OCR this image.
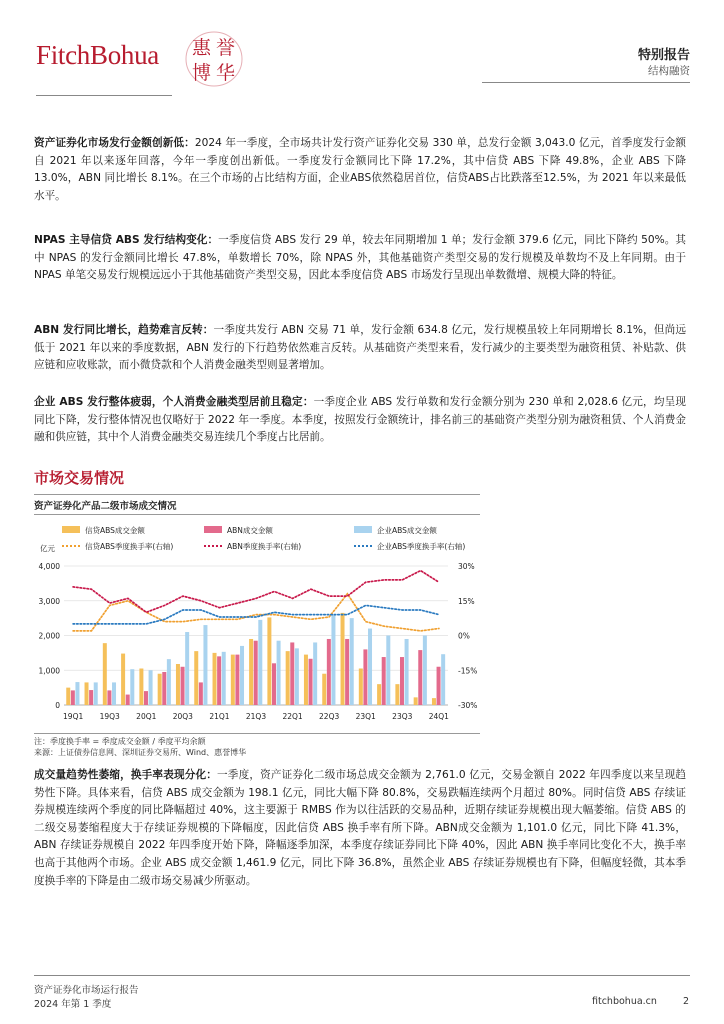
FitchBohua 惠 誉
博 华
特别报告
结构融资

资产证券化市场发行金额创新低：2024 年一季度，全市场共计发行资产证券化交易 330 单，总发行金额 3,043.0 亿元，首季度发行金额自 2021 年以来逐年回落，今年一季度创出新低。一季度发行金额同比下降 17.2%，其中信贷 ABS 下降 49.8%，企业 ABS 下降 13.0%，ABN 同比增长 8.1%。在三个市场的占比结构方面，企业ABS依然稳居首位，信贷ABS占比跌落至12.5%，为 2021 年以来最低水平。

NPAS 主导信贷 ABS 发行结构变化：一季度信贷 ABS 发行 29 单，较去年同期增加 1 单；发行金额 379.6 亿元，同比下降约 50%。其中 NPAS 的发行金额同比增长 47.8%，单数增长 70%，除 NPAS 外，其他基础资产类型交易的发行规模及单数均不及上年同期。由于 NPAS 单笔交易发行规模远远小于其他基础资产类型交易，因此本季度信贷 ABS 市场发行呈现出单数微增、规模大降的特征。

ABN 发行同比增长，趋势难言反转：一季度共发行 ABN 交易 71 单，发行金额 634.8 亿元，发行规模虽较上年同期增长 8.1%，但尚远低于 2021 年以来的季度数据，ABN 发行的下行趋势依然难言反转。从基础资产类型来看，发行减少的主要类型为融资租赁、补贴款、供应链和应收账款，而小微贷款和个人消费金融类型则显著增加。

企业 ABS 发行整体疲弱，个人消费金融类型居前且稳定：一季度企业 ABS 发行单数和发行金额分别为 230 单和 2,028.6 亿元，均呈现同比下降，发行整体情况也仅略好于 2022 年一季度。本季度，按照发行金额统计，排名前三的基础资产类型分别为融资租赁、个人消费金融和供应链，其中个人消费金融类交易连续几个季度占比居前。

市场交易情况
资产证券化产品二级市场成交情况
信贷ABS成交金额	ABN成交金额	企业ABS成交金额
信贷ABS季度换手率(右轴)	ABN季度换手率(右轴)	企业ABS季度换手率(右轴)
亿元
0
1,000
2,000
3,000
4,000
-30%
-15%
0%
15%
30%
19Q1 19Q3 20Q1 20Q3 21Q1 21Q3 22Q1 22Q3 23Q1 23Q3 24Q1
注：季度换手率 = 季度成交金额 / 季度平均余额
来源：上证债券信息网、深圳证券交易所、Wind、惠誉博华

成交量趋势性萎缩，换手率表现分化：一季度，资产证券化二级市场总成交金额为 2,761.0 亿元，交易金额自 2022 年四季度以来呈现趋势性下降。具体来看，信贷 ABS 成交金额为 198.1 亿元，同比大幅下降 80.8%，交易跌幅连续两个月超过 80%。同时信贷 ABS 存续证券规模连续两个季度的同比降幅超过 40%，这主要源于 RMBS 作为以往活跃的交易品种，近期存续证券规模出现大幅萎缩。信贷 ABS 的二级交易萎缩程度大于存续证券规模的下降幅度，因此信贷 ABS 换手率有所下降。ABN成交金额为 1,101.0 亿元，同比下降 41.3%，ABN 存续证券规模自 2022 年四季度开始下降，降幅逐季加深，本季度存续证券同比下降 40%，因此 ABN 换手率同比变化不大，换手率也高于其他两个市场。企业 ABS 成交金额 1,461.9 亿元，同比下降 36.8%，虽然企业 ABS 存续证券规模也有下降，但幅度轻微，其本季度换手率的下降是由二级市场交易减少所驱动。

资产证券化市场运行报告
2024 年第 1 季度	fitchbohua.cn	2
